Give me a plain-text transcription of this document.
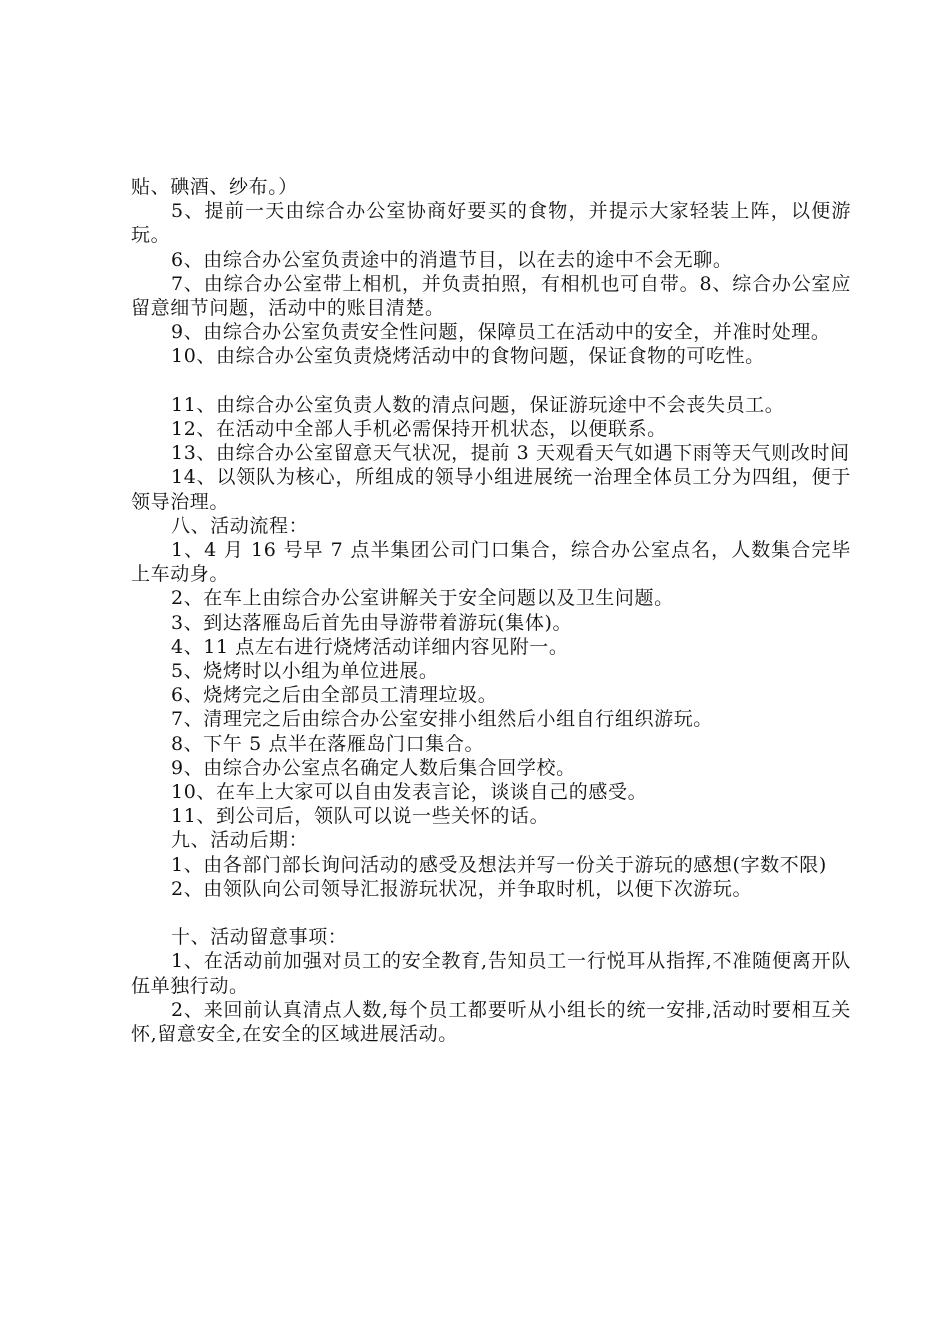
贴、碘酒、纱布。）

5、提前一天由综合办公室协商好要买的食物，并提示大家轻装上阵，以便游玩。

6、由综合办公室负责途中的消遣节目，以在去的途中不会无聊。

7、由综合办公室带上相机，并负责拍照，有相机也可自带。8、综合办公室应留意细节问题，活动中的账目清楚。

9、由综合办公室负责安全性问题，保障员工在活动中的安全，并准时处理。

10、由综合办公室负责烧烤活动中的食物问题，保证食物的可吃性。

11、由综合办公室负责人数的清点问题，保证游玩途中不会丧失员工。

12、在活动中全部人手机必需保持开机状态，以便联系。

13、由综合办公室留意天气状况，提前 3 天观看天气如遇下雨等天气则改时间

14、以领队为核心，所组成的领导小组进展统一治理全体员工分为四组，便于领导治理。

八、活动流程：

1、4 月 16 号早 7 点半集团公司门口集合，综合办公室点名，人数集合完毕上车动身。

2、在车上由综合办公室讲解关于安全问题以及卫生问题。

3、到达落雁岛后首先由导游带着游玩(集体)。

4、11 点左右进行烧烤活动详细内容见附一。

5、烧烤时以小组为单位进展。

6、烧烤完之后由全部员工清理垃圾。

7、清理完之后由综合办公室安排小组然后小组自行组织游玩。

8、下午 5 点半在落雁岛门口集合。

9、由综合办公室点名确定人数后集合回学校。

10、在车上大家可以自由发表言论，谈谈自己的感受。

11、到公司后，领队可以说一些关怀的话。

九、活动后期：

1、由各部门部长询问活动的感受及想法并写一份关于游玩的感想(字数不限)

2、由领队向公司领导汇报游玩状况，并争取时机，以便下次游玩。

十、活动留意事项：

1、在活动前加强对员工的安全教育,告知员工一行悦耳从指挥,不准随便离开队伍单独行动。

2、来回前认真清点人数,每个员工都要听从小组长的统一安排,活动时要相互关怀,留意安全,在安全的区域进展活动。
